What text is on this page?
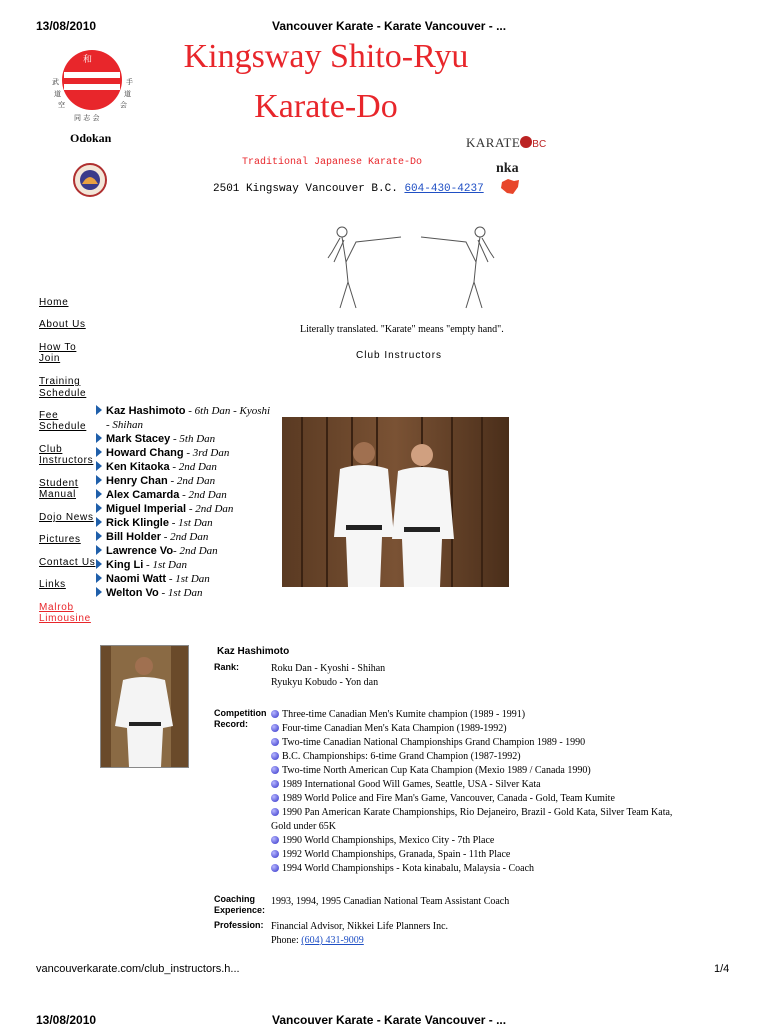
13/08/2010	Vancouver Karate - Karate Vancouver - ...
vancouverkarate.com/club_instructors.h...	1/4
13/08/2010	Vancouver Karate - Karate Vancouver - ...
武
道
空
手
道
会
同 志 会
和
Odokan
Kingsway Shito-Ryu
Karate-Do
Traditional Japanese Karate-Do
2501 Kingsway Vancouver B.C. 604-430-4237
KARATE BC
nka
Literally translated. "Karate" means "empty hand".
Club Instructors
Home
About Us
How To
Join
Training
Schedule
Fee
Schedule
Club
Instructors
Student
Manual
Dojo News
Pictures
Contact Us
Links
Malrob
Limousine
Kaz Hashimoto - 6th Dan - Kyoshi
- Shihan
Mark Stacey - 5th Dan
Howard Chang - 3rd Dan
Ken Kitaoka - 2nd Dan
Henry Chan - 2nd Dan
Alex Camarda - 2nd Dan
Miguel Imperial - 2nd Dan
Rick Klingle - 1st Dan
Bill Holder - 2nd Dan
Lawrence Vo- 2nd Dan
King Li - 1st Dan
Naomi Watt - 1st Dan
Welton Vo - 1st Dan
Kaz Hashimoto
Rank:	Roku Dan - Kyoshi - Shihan
Ryukyu Kobudo - Yon dan
Competition
Record:
Three-time Canadian Men's Kumite champion (1989 - 1991)
Four-time Canadian Men's Kata Champion (1989-1992)
Two-time Canadian National Championships Grand Champion 1989 - 1990
B.C. Championships: 6-time Grand Champion (1987-1992)
Two-time North American Cup Kata Champion (Mexio 1989 / Canada 1990)
1989 International Good Will Games, Seattle, USA - Silver Kata
1989 World Police and Fire Man's Game, Vancouver, Canada - Gold, Team Kumite
1990 Pan American Karate Championships, Rio Dejaneiro, Brazil - Gold Kata, Silver Team Kata,
Gold under 65K
1990 World Championships, Mexico City - 7th Place
1992 World Championships, Granada, Spain - 11th Place
1994 World Championships - Kota kinabalu, Malaysia - Coach
Coaching
Experience:
1993, 1994, 1995 Canadian National Team Assistant Coach
Profession: Financial Advisor, Nikkei Life Planners Inc.
Phone: (604) 431-9009
